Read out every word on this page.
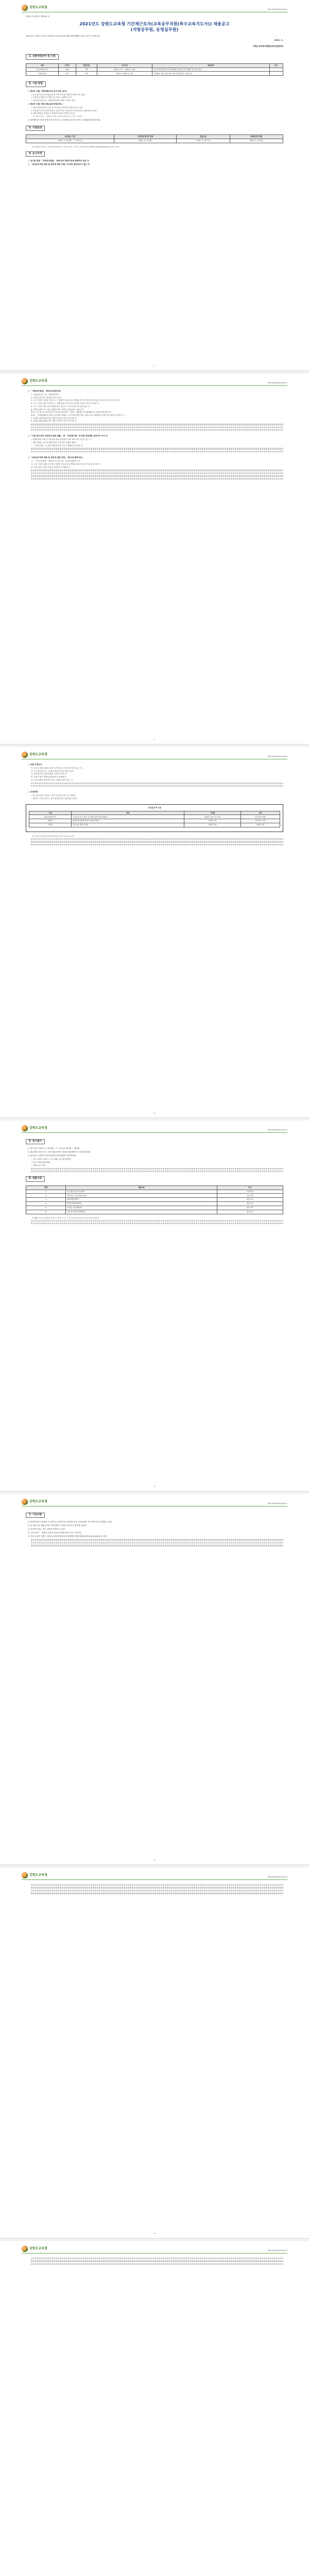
강원도교육청
http://www.gwe.go.kr/
강원도교육청공고 제2021-호
2021년도 강원도교육청 기간제근로자(교육공무직원(특수교육지도사)) 채용공고
(지방공무원, 운영실무원)
2021년도 강원도교육청 기간제근로자(교육공무직원) 채용계획을 다음과 같이 공고합니다.
2021. 2.
강원도교육청자립형교육지원센터장
1. 선발예정분야 및 인원
직종	근무지	선발인원	근무기간	담당업무	비고
특수교육지도사	춘천	1명	2021. 3. 1.~ 2022. 2. 28.	특수교육대상학생 교수학습활동 지원 및 학교생활 지원 업무 담당	
운영실무원	원주	1명	채용일~ 2022. 2. 28.	교육활동 지원 관련 자료 정리 및 행정업무 지원 업무	
2. 시험 방법
□ 제1차 시험: 서류전형(자격 요건 등의 심사)
∙ 응시 자격요건 및 제출서류의 적격 여부를 심사하여 합격 여부 결정
∙ 자격요건 미충족 및 제출서류 미비 시 불합격 처리
∙ 서류전형 합격자는 선발예정인원의 3배수 이내로 선발
□ 제2차 시험: 면접시험(심층 면접 방식)
∙ 직무수행에 필요한 능력 및 적격성을 평가하여 종합 점수로 결정
① 공무원으로서의 정신자세 ② 전문지식과 응용능력 ③ 의사표현의 정확성과 논리성
④ 예의·품행 및 성실성 ⑤ 창의력·의지력 및 발전 가능성
※ 기타 사항은 「강원도교육청 교육공무직원 관리 규정」에 따름
□ 최종합격자 결정: 면접시험 성적순으로 결정하되 동점자 처리는 면접위원 합의에 따름
3. 시험일정
원서접수 기간	서류전형 합격자 발표	면접시험	최종합격자 발표
2021. 2. 15.(월) ~ 2. 19.(금)	2021. 2. 22.(월)	2021. 2. 24.(수)	2021. 2. 25.(목)
※ 시험일정 및 장소는 사정에 따라 변경될 수 있으며, 변경 시 강원도교육청 홈페이지(http://www.gwe.go.kr)를 통해 공지함
4. 응시자격
□ 공고일 현재 「지방공무원법」 제31조의 결격사유에 해당하지 않는 자
□ 「교육공무직원 채용 및 관리에 관한 조례」에 따른 결격사유가 없는 자
- 1 -
강원도교육청
http://www.gwe.go.kr/
□ 「지방공무원법」 제31조(결격사유)
1. 피성년후견인 또는 피한정후견인
2. 파산선고를 받고 복권되지 아니한 자
3. 금고 이상의 실형을 선고받고 그 집행이 종료되거나 집행을 받지 아니하기로 확정된 후 5년이 지나지 아니한 자
4. 금고 이상의 형을 선고받고 그 집행유예 기간이 끝난 날부터 2년이 지나지 아니한 자
5. 금고 이상의 형의 선고유예를 받은 경우에 그 선고유예 기간 중에 있는 자
6. 법원의 판결 또는 다른 법률에 따라 자격이 상실되거나 정지된 자
6의2. 공무원으로 재직기간 중 직무와 관련하여 「형법」 제355조 및 제356조에 규정된 죄를 범한 자
6의3. 「성폭력범죄의 처벌 등에 관한 특례법」에 규정된 죄를 범한 사람으로서 100만원 이상의 벌금형을 선고받은 자
7. 징계로 파면처분을 받은 때부터 5년이 지나지 아니한 자
8. 징계로 해임처분을 받은 때부터 3년이 지나지 아니한 자
□ 「아동·청소년의 성보호에 관한 법률」 및 「아동복지법」에 따른 취업제한 대상자가 아닌 자
∙ 성범죄경력 조회 및 아동학대 관련 범죄경력 조회 결과 결격 사유가 없는 자
∙ 채용 예정일 기준 만 60세 미만인 자(정년 도래자 제외)
∙ 「공직선거법」 등 관련 법령에 따라 응시가 제한되지 아니한 자
□ 「교육공무직원 채용 및 관리에 관한 조례」 제12조(결격사유)
가. 「국가공무원법」 제33조 각 호의 어느 하나에 해당하는 자
나. 금고 이상의 형을 선고받고 집행이 종료되거나 면제된 날부터 5년이 지나지 아니한 자
다. 채용 관련 서류를 허위로 작성하거나 제출한 자
- 2 -
강원도교육청
http://www.gwe.go.kr/
□ 공통 자격요건
가. 공고일 현재 강원도 내에 거주하거나 주민등록이 되어 있는 자
나. 특수교육지도사: 고등학교 졸업 이상의 학력 소지자
다. 운영실무원: 컴퓨터 활용 능력이 우수한 자
라. 남자의 경우 병역을 필하였거나 면제된 자
마. 건강 상태가 양호하여 직무 수행에 지장이 없는 자
□ 우대사항
∙ 특수교육 관련 자격증 소지자 및 관련 분야 근무 경력자
∙ 장애인, 국가유공자 등 관련 법령에 따른 취업지원 대상자
가산점 부여 기준
구분	대상	가산점	비고
취업지원대상자	국가유공자 등 예우 및 지원에 관한 법률 해당자	만점의 10% 또는 5%	증빙서류 제출
장애인	장애인복지법에 따라 등록된 장애인	만점의 5%	복지카드 사본
자격증	특수교육 관련 자격증	만점의 3%	1개만 인정
※ 가산점은 면접시험 점수에 합산하며, 중복 적용하지 아니함
- 3 -
강원도교육청
http://www.gwe.go.kr/
5. 원서접수
□ 접수기간: 2021. 2. 15.(월) ~ 2. 19.(금) 09:00 ~ 18:00
□ 접수방법: 방문 또는 우편 접수(우편은 마감일 18:00까지 도착분에 한함)
□ 접수장소: 강원도교육청자립형교육지원센터 행정지원팀
∙ 주소: 강원도 춘천시 ○○로 000, 2층 행정지원팀
∙ 문의: 033-000-0000
∙ 이메일 접수 불가
6. 제출서류
연번	제출서류	비고
1	응시원서 및 자기소개서	소정 양식
2	개인정보 수집·이용 동의서	소정 양식
3	최종학력증명서	원본 1부
4	경력증명서(해당자)	원본 1부
5	자격증 사본(해당자)	원본 대조
6	가산점 증빙서류(해당자)	원본 1부
※ 제출된 서류는 반환하지 않으며, 기재 착오 또는 누락으로 인한 불이익은 응시자 본인의 책임임
- 4 -
강원도교육청
http://www.gwe.go.kr/
7. 기타사항
□ 최종합격자가 임용을 포기하거나 결격사유가 발생한 경우 차순위자를 추가 합격자로 결정할 수 있음
□ 응시원서 및 제출서류의 기재사항이 사실과 다를 경우 합격을 취소함
□ 적격자가 없는 경우 선발하지 않을 수 있음
□ 근로조건은 「강원도교육청 교육공무직원 관리 규정」에 따름
□ 기타 궁금한 사항은 강원도교육청자립형교육지원센터 행정지원팀(033-000-0000)으로 문의
- 5 -
강원도교육청
http://www.gwe.go.kr/
- 6 -
강원도교육청
http://www.gwe.go.kr/
